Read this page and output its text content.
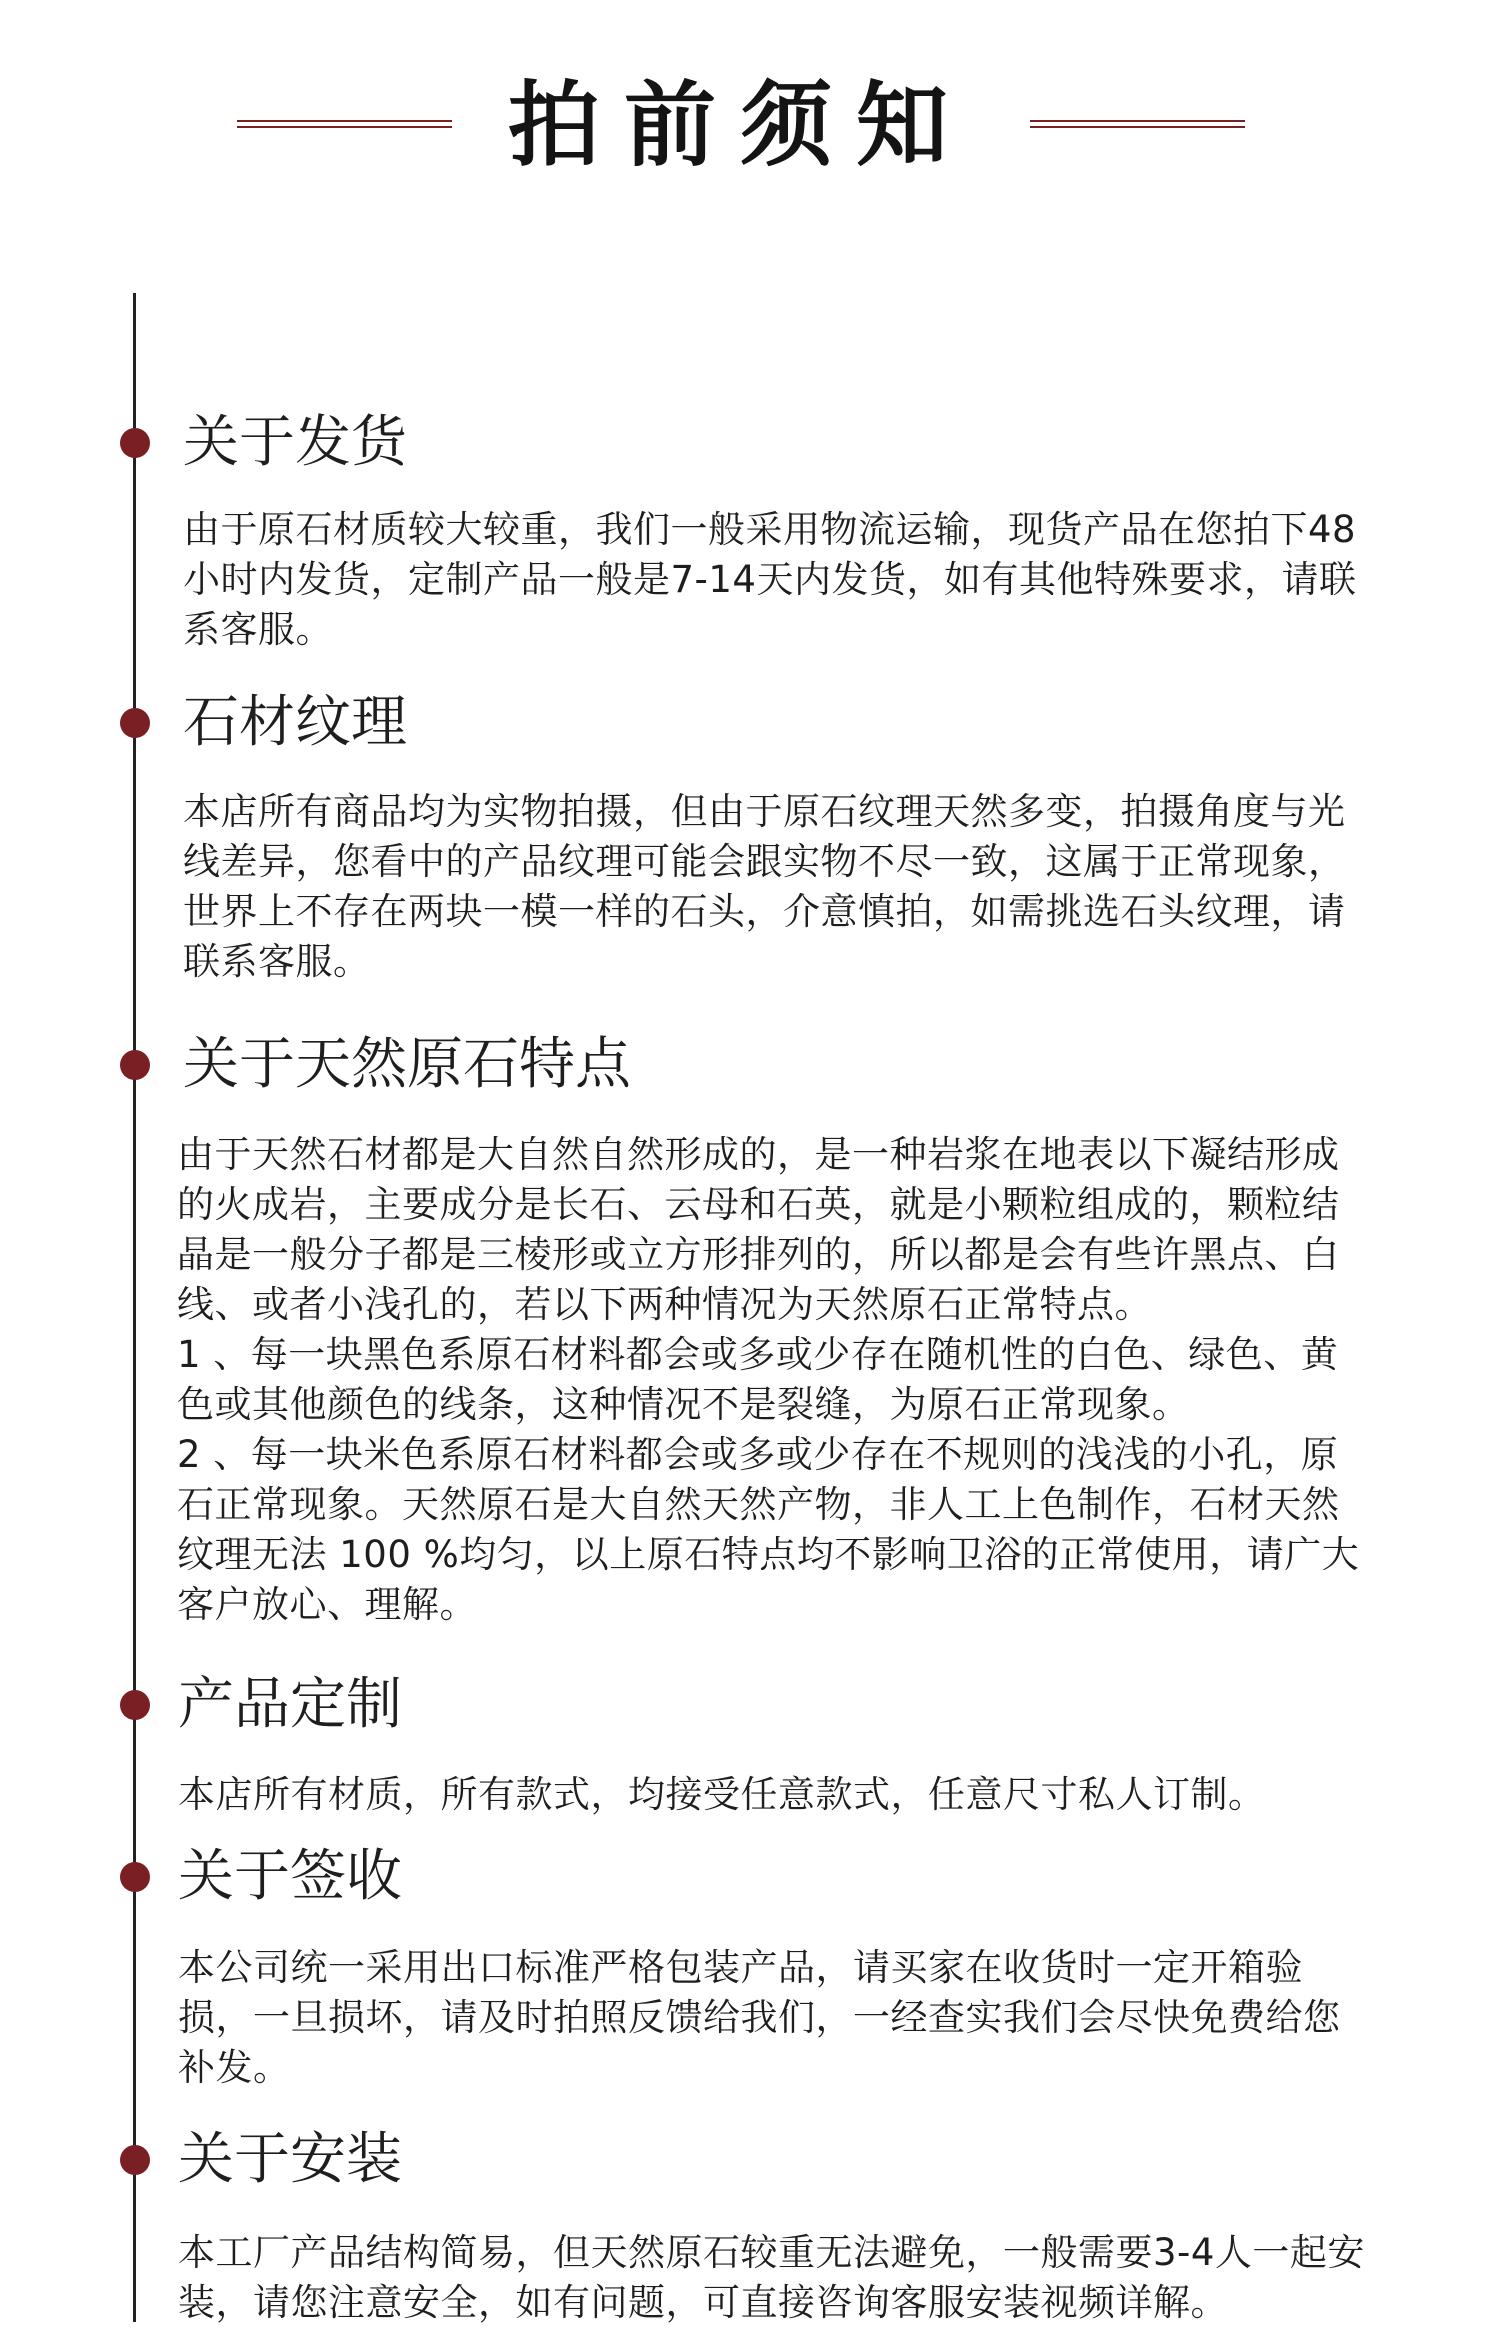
拍前须知
关于发货

由于原石材质较大较重，我们一般采用物流运输，现货产品在您拍下48小时内发货，定制产品一般是7-14天内发货，如有其他特殊要求，请联系客服。

石材纹理

本店所有商品均为实物拍摄，但由于原石纹理天然多变，拍摄角度与光线差异，您看中的产品纹理可能会跟实物不尽一致，这属于正常现象，世界上不存在两块一模一样的石头，介意慎拍，如需挑选石头纹理，请联系客服。

关于天然原石特点

由于天然石材都是大自然自然形成的，是一种岩浆在地表以下凝结形成的火成岩，主要成分是长石、云母和石英，就是小颗粒组成的，颗粒结晶是一般分子都是三棱形或立方形排列的，所以都是会有些许黑点、白线、或者小浅孔的，若以下两种情况为天然原石正常特点。

1 、每一块黑色系原石材料都会或多或少存在随机性的白色、绿色、黄色或其他颜色的线条，这种情况不是裂缝，为原石正常现象。

2 、每一块米色系原石材料都会或多或少存在不规则的浅浅的小孔，原石正常现象。天然原石是大自然天然产物，非人工上色制作，石材天然纹理无法 100 %均匀，以上原石特点均不影响卫浴的正常使用，请广大客户放心、理解。

产品定制

本店所有材质，所有款式，均接受任意款式，任意尺寸私人订制。

关于签收

本公司统一采用出口标准严格包装产品，请买家在收货时一定开箱验损，一旦损坏，请及时拍照反馈给我们，一经查实我们会尽快免费给您补发。

关于安装

本工厂产品结构简易，但天然原石较重无法避免，一般需要3-4人一起安装，请您注意安全，如有问题，可直接咨询客服安装视频详解。
